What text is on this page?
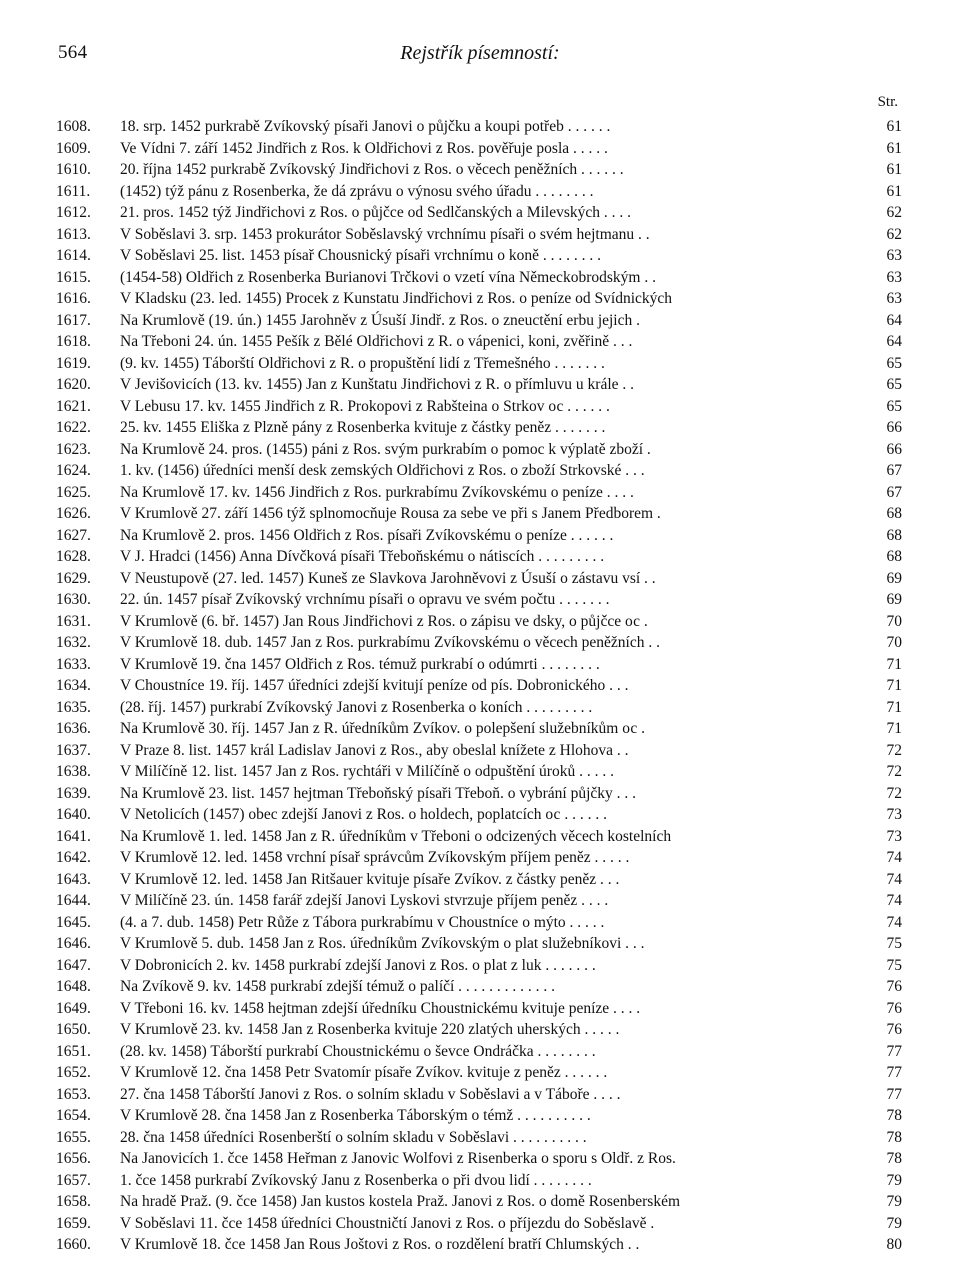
564	Rejstřík písemností:
Str.
1608.	18. srp. 1452 purkrabě Zvíkovský písaři Janovi o půjčku a koupi potřeb . . . . . .	61
1609.	Ve Vídni 7. září 1452 Jindřich z Ros. k Oldřichovi z Ros. pověřuje posla . . . . .	61
1610.	20. října 1452 purkrabě Zvíkovský Jindřichovi z Ros. o věcech peněžních . . . . . .	61
1611.	(1452) týž pánu z Rosenberka, že dá zprávu o výnosu svého úřadu . . . . . . . .	61
1612.	21. pros. 1452 týž Jindřichovi z Ros. o půjčce od Sedlčanských a Milevských . . . .	62
1613.	V Soběslavi 3. srp. 1453 prokurátor Soběslavský vrchnímu písaři o svém hejtmanu . .	62
1614.	V Soběslavi 25. list. 1453 písař Chousnický písaři vrchnímu o koně . . . . . . . .	63
1615.	(1454-58) Oldřich z Rosenberka Burianovi Trčkovi o vzetí vína Německobrodským . .	63
1616.	V Kladsku (23. led. 1455) Procek z Kunstatu Jindřichovi z Ros. o peníze od Svídnických	63
1617.	Na Krumlově (19. ún.) 1455 Jarohněv z Úsuší Jindř. z Ros. o zneuctění erbu jejich .	64
1618.	Na Třeboni 24. ún. 1455 Pešík z Bělé Oldřichovi z R. o vápenici, koni, zvěřině . . .	64
1619.	(9. kv. 1455) Táborští Oldřichovi z R. o propuštění lidí z Třemešného . . . . . . .	65
1620.	V Jevišovicích (13. kv. 1455) Jan z Kunštatu Jindřichovi z R. o přímluvu u krále . .	65
1621.	V Lebusu 17. kv. 1455 Jindřich z R. Prokopovi z Rabšteina o Strkov ос . . . . . .	65
1622.	25. kv. 1455 Eliška z Plzně pány z Rosenberka kvituje z částky peněz . . . . . . .	66
1623.	Na Krumlově 24. pros. (1455) páni z Ros. svým purkrabím o pomoc k výplatě zboží .	66
1624.	1. kv. (1456) úředníci menší desk zemských Oldřichovi z Ros. o zboží Strkovské . . .	67
1625.	Na Krumlově 17. kv. 1456 Jindřich z Ros. purkrabímu Zvíkovskému o peníze . . . .	67
1626.	V Krumlově 27. září 1456 týž splnomocňuje Rousa za sebe ve při s Janem Předborem .	68
1627.	Na Krumlově 2. pros. 1456 Oldřich z Ros. písaři Zvíkovskému o peníze . . . . . .	68
1628.	V J. Hradci (1456) Anna Dívčková písaři Třeboňskému o nátiscích . . . . . . . . .	68
1629.	V Neustupově (27. led. 1457) Kuneš ze Slavkova Jarohněvovi z Úsuší o zástavu vsí . .	69
1630.	22. ún. 1457 písař Zvíkovský vrchnímu písaři o opravu ve svém počtu . . . . . . .	69
1631.	V Krumlově (6. bř. 1457) Jan Rous Jindřichovi z Ros. o zápisu ve dsky, o půjčce ос .	70
1632.	V Krumlově 18. dub. 1457 Jan z Ros. purkrabímu Zvíkovskému o věcech peněžních . .	70
1633.	V Krumlově 19. čna 1457 Oldřich z Ros. témuž purkrabí o odúmrti . . . . . . . .	71
1634.	V Choustníce 19. říj. 1457 úředníci zdejší kvitují peníze od pís. Dobronického . . .	71
1635.	(28. říj. 1457) purkrabí Zvíkovský Janovi z Rosenberka o koních . . . . . . . . .	71
1636.	Na Krumlově 30. říj. 1457 Jan z R. úředníkům Zvíkov. o polepšení služebníkům ос .	71
1637.	V Praze 8. list. 1457 král Ladislav Janovi z Ros., aby obeslal knížete z Hlohova . .	72
1638.	V Milíčíně 12. list. 1457 Jan z Ros. rychtáři v Milíčíně o odpuštění úroků . . . . .	72
1639.	Na Krumlově 23. list. 1457 hejtman Třeboňský písaři Třeboň. o vybrání půjčky . . .	72
1640.	V Netolicích (1457) obec zdejší Janovi z Ros. o holdech, poplatcích ос . . . . . .	73
1641.	Na Krumlově 1. led. 1458 Jan z R. úředníkům v Třeboni o odcizených věcech kostelních	73
1642.	V Krumlově 12. led. 1458 vrchní písař správcům Zvíkovským příjem peněz . . . . .	74
1643.	V Krumlově 12. led. 1458 Jan Ritšauer kvituje písaře Zvíkov. z částky peněz . . .	74
1644.	V Milíčíně 23. ún. 1458 farář zdejší Janovi Lyskovi stvrzuje příjem peněz . . . .	74
1645.	(4. a 7. dub. 1458) Petr Růže z Tábora purkrabímu v Choustníce o mýto . . . . .	74
1646.	V Krumlově 5. dub. 1458 Jan z Ros. úředníkům Zvíkovským o plat služebníkovi . . .	75
1647.	V Dobronicích 2. kv. 1458 purkrabí zdejší Janovi z Ros. o plat z luk . . . . . . .	75
1648.	Na Zvíkově 9. kv. 1458 purkrabí zdejší témuž o palíčí . . . . . . . . . . . . .	76
1649.	V Třeboni 16. kv. 1458 hejtman zdejší úředníku Choustnickému kvituje peníze . . . .	76
1650.	V Krumlově 23. kv. 1458 Jan z Rosenberka kvituje 220 zlatých uherských . . . . .	76
1651.	(28. kv. 1458) Táborští purkrabí Choustnickému o ševce Ondráčka . . . . . . . .	77
1652.	V Krumlově 12. čna 1458 Petr Svatomír písaře Zvíkov. kvituje z peněz . . . . . .	77
1653.	27. čna 1458 Táborští Janovi z Ros. o solním skladu v Soběslavi a v Táboře . . . .	77
1654.	V Krumlově 28. čna 1458 Jan z Rosenberka Táborským o témž . . . . . . . . . .	78
1655.	28. čna 1458 úředníci Rosenberští o solním skladu v Soběslavi . . . . . . . . . .	78
1656.	Na Janovicích 1. čce 1458 Heřman z Janovic Wolfovi z Risenberka o sporu s Oldř. z Ros.	78
1657.	1. čce 1458 purkrabí Zvíkovský Janu z Rosenberka o při dvou lidí . . . . . . . .	79
1658.	Na hradě Praž. (9. čce 1458) Jan kustos kostela Praž. Janovi z Ros. o domě Rosenberském	79
1659.	V Soběslavi 11. čce 1458 úředníci Choustničtí Janovi z Ros. o příjezdu do Soběslavě .	79
1660.	V Krumlově 18. čce 1458 Jan Rous Joštovi z Ros. o rozdělení bratří Chlumských . .	80
